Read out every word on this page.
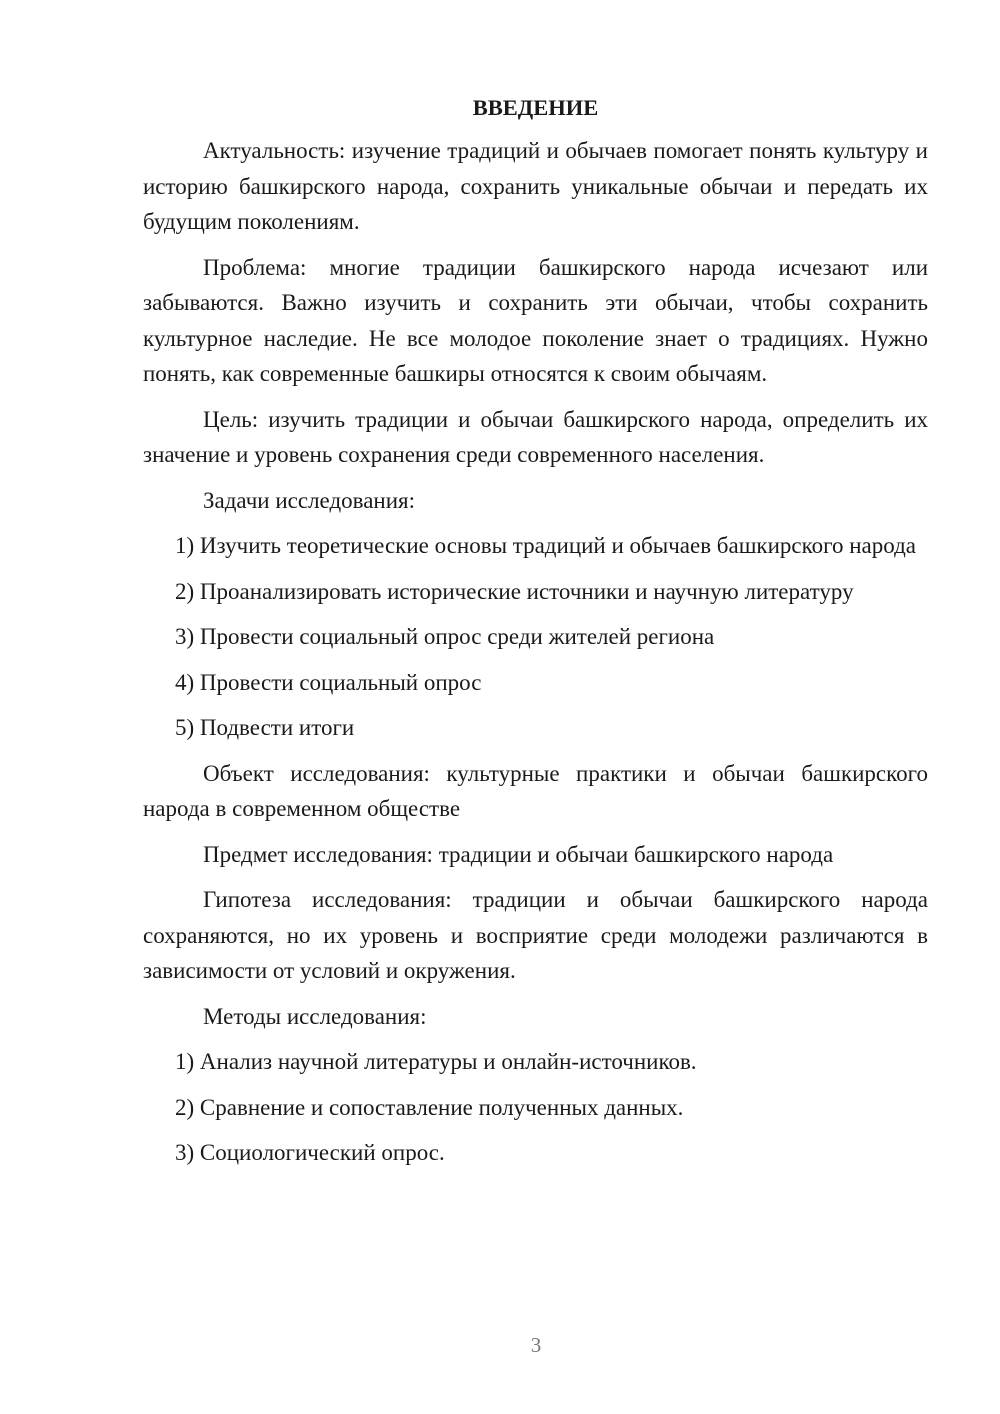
ВВЕДЕНИЕ

Актуальность: изучение традиций и обычаев помогает понять культуру и историю башкирского народа, сохранить уникальные обычаи и передать их будущим поколениям.

Проблема: многие традиции башкирского народа исчезают или забываются. Важно изучить и сохранить эти обычаи, чтобы сохранить культурное наследие. Не все молодое поколение знает о традициях. Нужно понять, как современные башкиры относятся к своим обычаям.

Цель: изучить традиции и обычаи башкирского народа, определить их значение и уровень сохранения среди современного населения.

Задачи исследования:

1) Изучить теоретические основы традиций и обычаев башкирского народа

2) Проанализировать исторические источники и научную литературу

3) Провести социальный опрос среди жителей региона

4) Провести социальный опрос

5) Подвести итоги

Объект исследования: культурные практики и обычаи башкирского народа в современном обществе

Предмет исследования: традиции и обычаи башкирского народа

Гипотеза исследования: традиции и обычаи башкирского народа сохраняются, но их уровень и восприятие среди молодежи различаются в зависимости от условий и окружения.

Методы исследования:

1) Анализ научной литературы и онлайн-источников.

2) Сравнение и сопоставление полученных данных.

3) Социологический опрос.

3
